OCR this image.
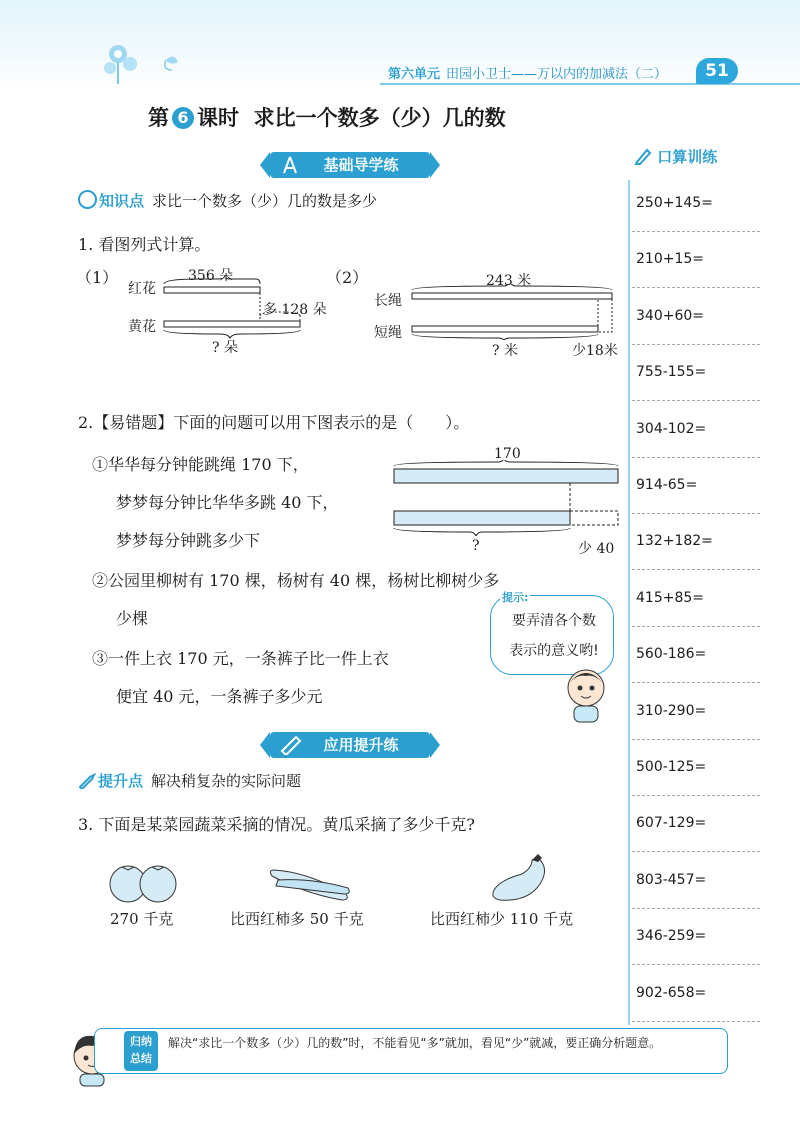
第六单元 田园小卫士——万以内的加减法（二）	51
第 6 课时 求比一个数多（少）几的数
基础导学练
知识点 求比一个数多（少）几的数是多少
1. 看图列式计算。
（1）
红花
黄花
356 朵
多 128 朵
? 朵
（2）
长绳
短绳
243 米
? 米	少18米
2.【易错题】下面的问题可以用下图表示的是（　　）。
①华华每分钟能跳绳 170 下，
梦梦每分钟比华华多跳 40 下，
梦梦每分钟跳多少下
170
?	少 40
②公园里柳树有 170 棵，杨树有 40 棵，杨树比柳树少多
少棵
③一件上衣 170 元，一条裤子比一件上衣
便宜 40 元，一条裤子多少元
提示:
要弄清各个数
表示的意义哟!
应用提升练
提升点 解决稍复杂的实际问题
3. 下面是某菜园蔬菜采摘的情况。黄瓜采摘了多少千克?
270 千克	比西红柿多 50 千克	比西红柿少 110 千克
口算训练
250+145=
210+15=
340+60=
755-155=
304-102=
914-65=
132+182=
415+85=
560-186=
310-290=
500-125=
607-129=
803-457=
346-259=
902-658=
归纳
总结
解决“求比一个数多（少）几的数”时，不能看见“多”就加，看见“少”就减，要正确分析题意。
